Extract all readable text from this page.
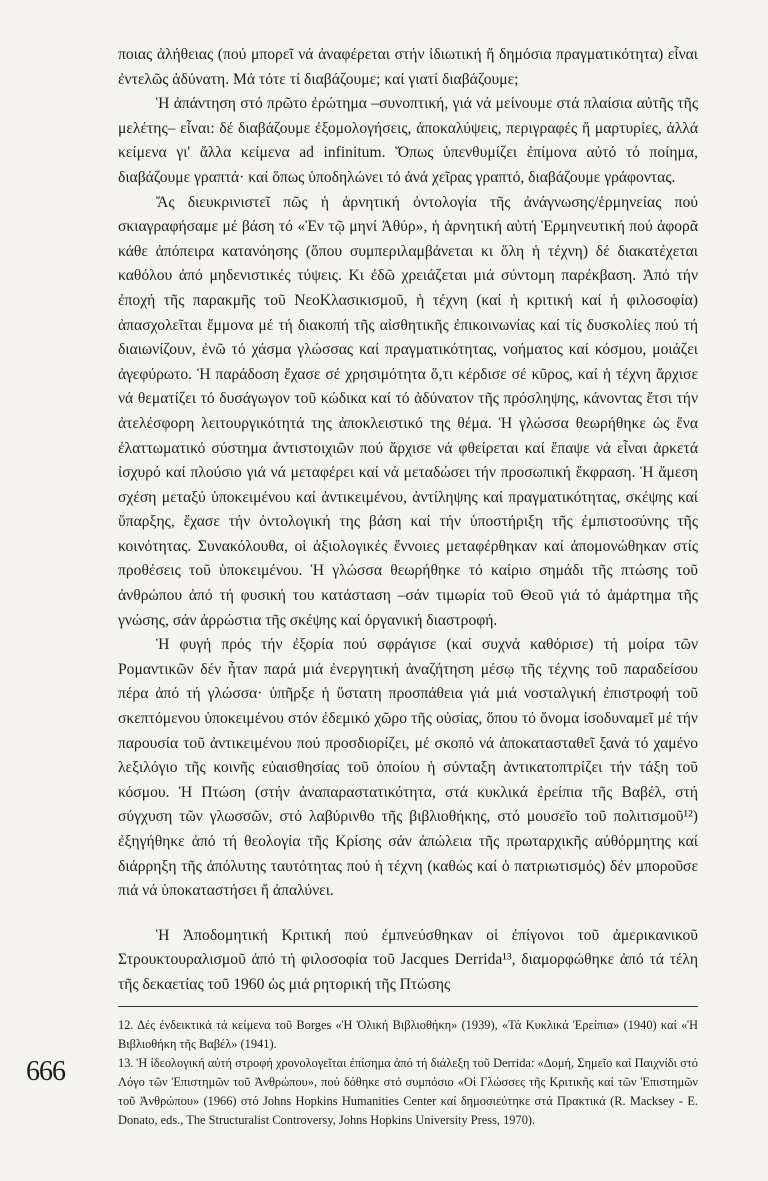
ποιας ἀλήθειας (πού μπορεῖ νά ἀναφέρεται στήν ἰδιωτική ἤ δημόσια πραγματικότητα) εἶναι ἐντελῶς ἀδύνατη. Μά τότε τί διαβάζουμε; καί γιατί διαβάζουμε;

Ἡ ἀπάντηση στό πρῶτο ἐρώτημα –συνοπτική, γιά νά μείνουμε στά πλαίσια αὐτῆς τῆς μελέτης– εἶναι: δέ διαβάζουμε ἐξομολογήσεις, ἀποκαλύψεις, περιγραφές ἤ μαρτυρίες, ἀλλά κείμενα γι' ἄλλα κείμενα ad infinitum. Ὅπως ὑπενθυμίζει ἐπίμονα αὐτό τό ποίημα, διαβάζουμε γραπτά· καί ὅπως ὑποδηλώνει τό ἀνά χεῖρας γραπτό, διαβάζουμε γράφοντας.

Ἄς διευκρινιστεῖ πῶς ἡ ἀρνητική ὀντολογία τῆς ἀνάγνωσης/ἑρμηνείας πού σκιαγραφήσαμε μέ βάση τό «Ἐν τῷ μηνί Ἀθύρ», ἡ ἀρνητική αὐτή Ἑρμηνευτική πού ἀφορᾶ κάθε ἀπόπειρα κατανόησης (ὅπου συμπεριλαμβάνεται κι ὅλη ἡ τέχνη) δέ διακατέχεται καθόλου ἀπό μηδενιστικές τύψεις. Κι ἐδῶ χρειάζεται μιά σύντομη παρέκβαση. Ἀπό τήν ἐποχή τῆς παρακμῆς τοῦ ΝεοΚλασικισμοῦ, ἡ τέχνη (καί ἡ κριτική καί ἡ φιλοσοφία) ἀπασχολεῖται ἔμμονα μέ τή διακοπή τῆς αἰσθητικῆς ἐπικοινωνίας καί τίς δυσκολίες πού τή διαιωνίζουν, ἐνῶ τό χάσμα γλώσσας καί πραγματικότητας, νοήματος καί κόσμου, μοιάζει ἀγεφύρωτο. Ἡ παράδοση ἔχασε σέ χρησιμότητα ὅ,τι κέρδισε σέ κῦρος, καί ἡ τέχνη ἄρχισε νά θεματίζει τό δυσάγωγον τοῦ κώδικα καί τό ἀδύνατον τῆς πρόσληψης, κάνοντας ἔτσι τήν ἀτελέσφορη λειτουργικότητά της ἀποκλειστικό της θέμα. Ἡ γλώσσα θεωρήθηκε ὡς ἕνα ἐλαττωματικό σύστημα ἀντιστοιχιῶν πού ἄρχισε νά φθείρεται καί ἔπαψε νά εἶναι ἀρκετά ἰσχυρό καί πλούσιο γιά νά μεταφέρει καί νά μεταδώσει τήν προσωπική ἔκφραση. Ἡ ἄμεση σχέση μεταξύ ὑποκειμένου καί ἀντικειμένου, ἀντίληψης καί πραγματικότητας, σκέψης καί ὕπαρξης, ἔχασε τήν ὀντολογική της βάση καί τήν ὑποστήριξη τῆς ἐμπιστοσύνης τῆς κοινότητας. Συνακόλουθα, οἱ ἀξιολογικές ἔννοιες μεταφέρθηκαν καί ἀπομονώθηκαν στίς προθέσεις τοῦ ὑποκειμένου. Ἡ γλώσσα θεωρήθηκε τό καίριο σημάδι τῆς πτώσης τοῦ ἀνθρώπου ἀπό τή φυσική του κατάσταση –σάν τιμωρία τοῦ Θεοῦ γιά τό ἁμάρτημα τῆς γνώσης, σάν ἀρρώστια τῆς σκέψης καί ὀργανική διαστροφή.

Ἡ φυγή πρός τήν ἐξορία πού σφράγισε (καί συχνά καθόρισε) τή μοίρα τῶν Ρομαντικῶν δέν ἦταν παρά μιά ἐνεργητική ἀναζήτηση μέσῳ τῆς τέχνης τοῦ παραδείσου πέρα ἀπό τή γλώσσα· ὑπῆρξε ἡ ὕστατη προσπάθεια γιά μιά νοσταλγική ἐπιστροφή τοῦ σκεπτόμενου ὑποκειμένου στόν ἐδεμικό χῶρο τῆς οὐσίας, ὅπου τό ὄνομα ἰσοδυναμεῖ μέ τήν παρουσία τοῦ ἀντικειμένου πού προσδιορίζει, μέ σκοπό νά ἀποκατασταθεῖ ξανά τό χαμένο λεξιλόγιο τῆς κοινῆς εὐαισθησίας τοῦ ὁποίου ἡ σύνταξη ἀντικατοπτρίζει τήν τάξη τοῦ κόσμου. Ἡ Πτώση (στήν ἀναπαραστατικότητα, στά κυκλικά ἐρείπια τῆς Βαβέλ, στή σύγχυση τῶν γλωσσῶν, στό λαβύρινθο τῆς βιβλιοθήκης, στό μουσεῖο τοῦ πολιτισμοῦ¹²) ἐξηγήθηκε ἀπό τή θεολογία τῆς Κρίσης σάν ἀπώλεια τῆς πρωταρχικῆς αὐθόρμητης καί διάρρηξη τῆς ἀπόλυτης ταυτότητας πού ἡ τέχνη (καθώς καί ὁ πατριωτισμός) δέν μποροῦσε πιά νά ὑποκαταστήσει ἤ ἀπαλύνει.

Ἡ Ἀποδομητική Κριτική πού ἐμπνεύσθηκαν οἱ ἐπίγονοι τοῦ ἀμερικανικοῦ Στρουκτουραλισμοῦ ἀπό τή φιλοσοφία τοῦ Jacques Derrida¹³, διαμορφώθηκε ἀπό τά τέλη τῆς δεκαετίας τοῦ 1960 ὡς μιά ρητορική τῆς Πτώσης

12. Δές ἐνδεικτικά τά κείμενα τοῦ Borges «Ἡ Ὁλική Βιβλιοθήκη» (1939), «Τά Κυκλικά Ἐρείπια» (1940) καί «Ἡ Βιβλιοθήκη τῆς Βαβέλ» (1941).

13. Ἡ ἰδεολογική αὐτή στροφή χρονολογεῖται ἐπίσημα ἀπό τή διάλεξη τοῦ Derrida: «Δομή, Σημεῖο καί Παιχνίδι στό Λόγο τῶν Ἐπιστημῶν τοῦ Ἀνθρώπου», πού δόθηκε στό συμπόσιο «Οἱ Γλώσσες τῆς Κριτικῆς καί τῶν Ἐπιστημῶν τοῦ Ἀνθρώπου» (1966) στό Johns Hopkins Humanities Center καί δημοσιεύτηκε στά Πρακτικά (R. Macksey - E. Donato, eds., The Structuralist Controversy, Johns Hopkins University Press, 1970).

666
